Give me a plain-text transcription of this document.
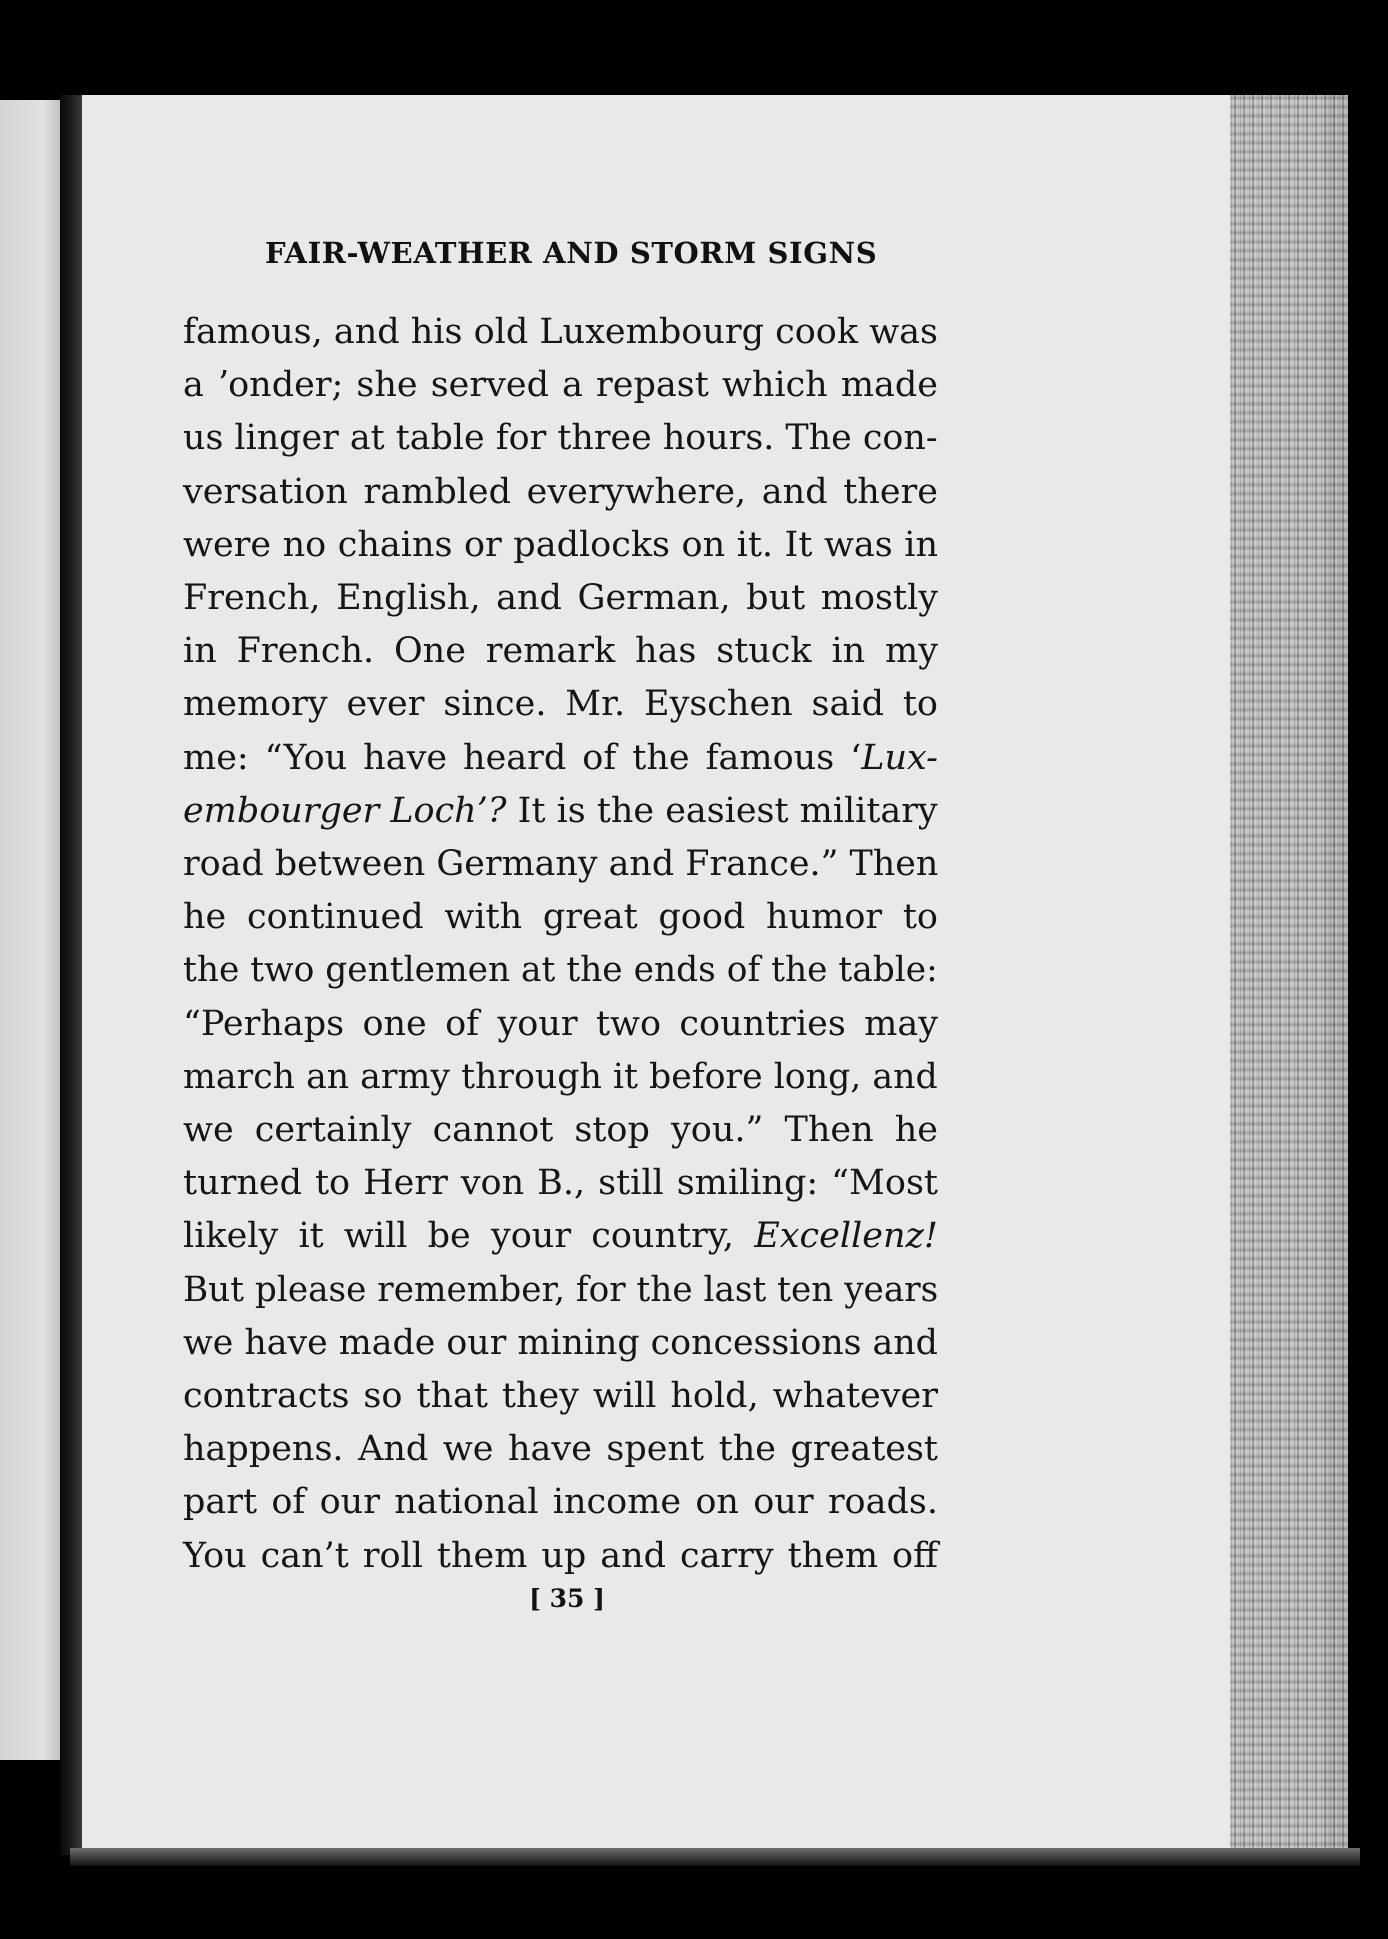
FAIR-WEATHER AND STORM SIGNS
famous, and his old Luxembourg cook was
a ʼonder; she served a repast which made
us linger at table for three hours. The con-
versation rambled everywhere, and there
were no chains or padlocks on it. It was in
French, English, and German, but mostly
in French. One remark has stuck in my
memory ever since. Mr. Eyschen said to
me: “You have heard of the famous ‘Lux-
embourger Loch’? It is the easiest military
road between Germany and France.” Then
he continued with great good humor to
the two gentlemen at the ends of the table:
“Perhaps one of your two countries may
march an army through it before long, and
we certainly cannot stop you.” Then he
turned to Herr von B., still smiling: “Most
likely it will be your country, Excellenz!
But please remember, for the last ten years
we have made our mining concessions and
contracts so that they will hold, whatever
happens. And we have spent the greatest
part of our national income on our roads.
You can’t roll them up and carry them off
[ 35 ]
